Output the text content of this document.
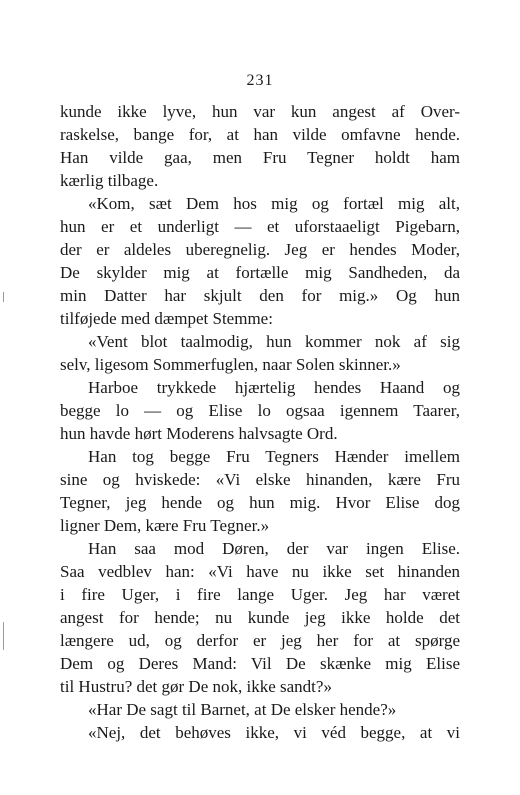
231
kunde ikke lyve, hun var kun angest af Over-
raskelse, bange for, at han vilde omfavne hende.
Han vilde gaa, men Fru Tegner holdt ham
kærlig tilbage.
«Kom, sæt Dem hos mig og fortæl mig alt,
hun er et underligt — et uforstaaeligt Pigebarn,
der er aldeles uberegnelig. Jeg er hendes Moder,
De skylder mig at fortælle mig Sandheden, da
min Datter har skjult den for mig.» Og hun
tilføjede med dæmpet Stemme:
«Vent blot taalmodig, hun kommer nok af sig
selv, ligesom Sommerfuglen, naar Solen skinner.»
Harboe trykkede hjærtelig hendes Haand og
begge lo — og Elise lo ogsaa igennem Taarer,
hun havde hørt Moderens halvsagte Ord.
Han tog begge Fru Tegners Hænder imellem
sine og hviskede: «Vi elske hinanden, kære Fru
Tegner, jeg hende og hun mig. Hvor Elise dog
ligner Dem, kære Fru Tegner.»
Han saa mod Døren, der var ingen Elise.
Saa vedblev han: «Vi have nu ikke set hinanden
i fire Uger, i fire lange Uger. Jeg har været
angest for hende; nu kunde jeg ikke holde det
længere ud, og derfor er jeg her for at spørge
Dem og Deres Mand: Vil De skænke mig Elise
til Hustru? det gør De nok, ikke sandt?»
«Har De sagt til Barnet, at De elsker hende?»
«Nej, det behøves ikke, vi véd begge, at vi
